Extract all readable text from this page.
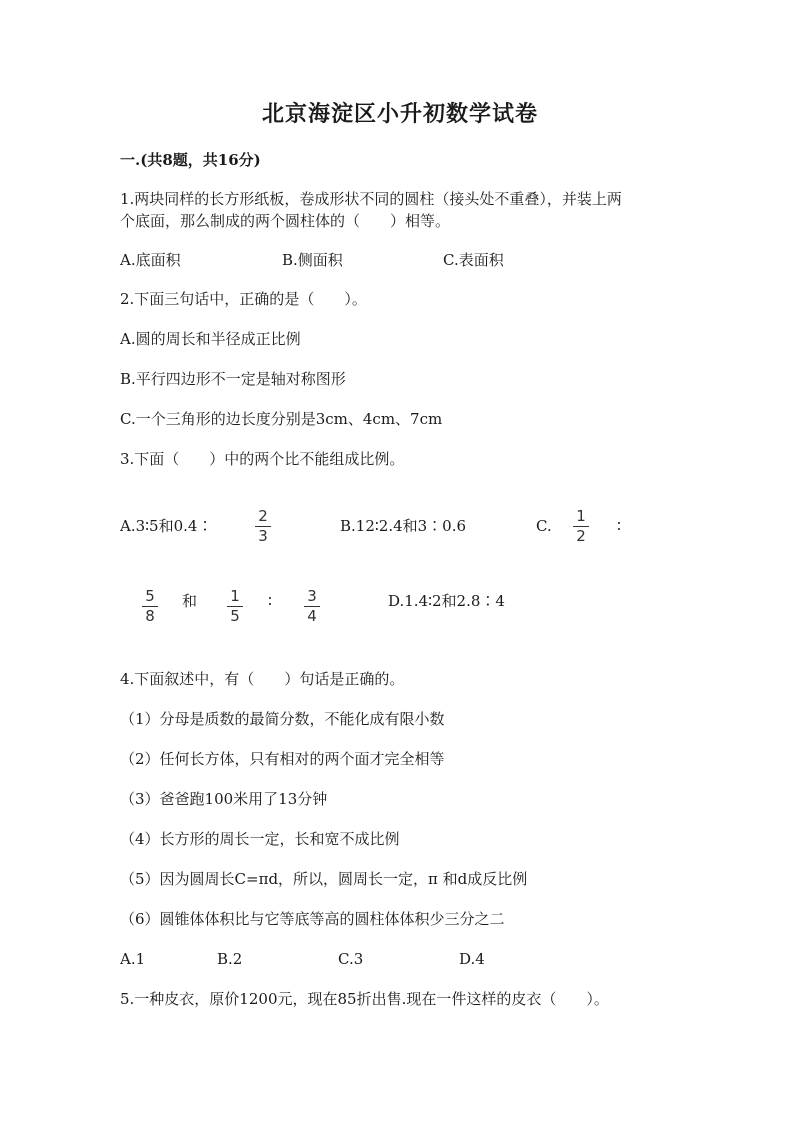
北京海淀区小升初数学试卷
一.(共8题，共16分)
1.两块同样的长方形纸板，卷成形状不同的圆柱（接头处不重叠），并装上两
个底面，那么制成的两个圆柱体的（　　）相等。
A.底面积	B.侧面积	C.表面积
2.下面三句话中，正确的是（　　）。
A.圆的周长和半径成正比例
B.平行四边形不一定是轴对称图形
C.一个三角形的边长度分别是3cm、4cm、7cm
3.下面（　　）中的两个比不能组成比例。
A.3∶5和0.4∶
2
3
B.12∶2.4和3∶0.6	C.
1
2
∶
5
8
和 1
5
∶ 3
4
D.1.4∶2和2.8∶4
4.下面叙述中，有（　　）句话是正确的。
（1）分母是质数的最简分数，不能化成有限小数
（2）任何长方体，只有相对的两个面才完全相等
（3）爸爸跑100米用了13分钟
（4）长方形的周长一定，长和宽不成比例
（5）因为圆周长C=πd，所以，圆周长一定，π 和d成反比例
（6）圆锥体体积比与它等底等高的圆柱体体积少三分之二
A.1	B.2	C.3	D.4
5.一种皮衣，原价1200元，现在85折出售.现在一件这样的皮衣（　　）。
